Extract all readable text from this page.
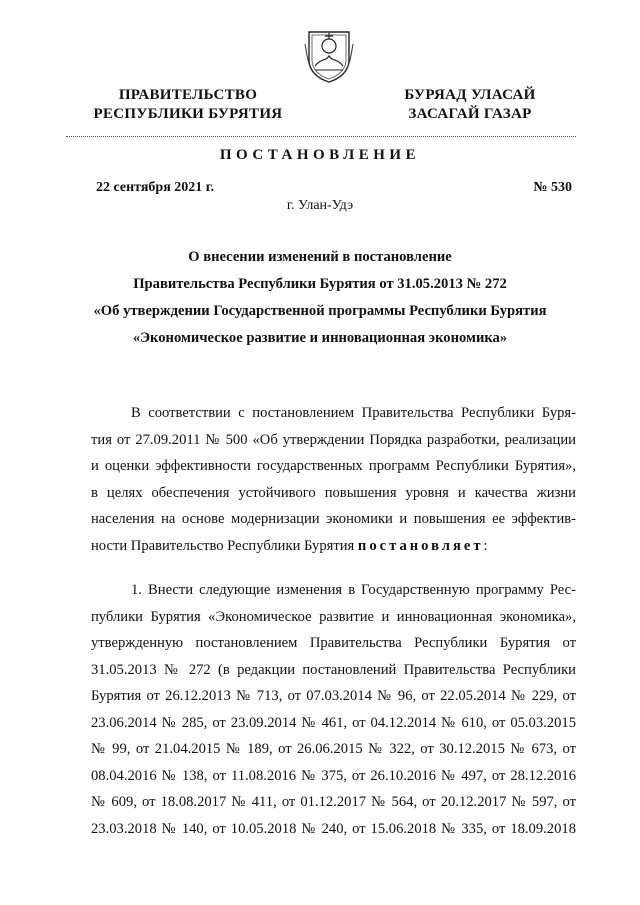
ПРАВИТЕЛЬСТВО
РЕСПУБЛИКИ БУРЯТИЯ
БУРЯАД УЛАСАЙ
ЗАСАГАЙ ГАЗАР
ПОСТАНОВЛЕНИЕ
22 сентября 2021 г.	№ 530
г. Улан-Удэ
О внесении изменений в постановление
Правительства Республики Бурятия от 31.05.2013 № 272
«Об утверждении Государственной программы Республики Бурятия
«Экономическое развитие и инновационная экономика»
В соответствии с постановлением Правительства Республики Буря-
тия от 27.09.2011 № 500 «Об утверждении Порядка разработки, реализации
и оценки эффективности государственных программ Республики Бурятия»,
в целях обеспечения устойчивого повышения уровня и качества жизни
населения на основе модернизации экономики и повышения ее эффектив-
ности Правительство Республики Бурятия постановляет:
1. Внести следующие изменения в Государственную программу Рес-
публики Бурятия «Экономическое развитие и инновационная экономика»,
утвержденную постановлением Правительства Республики Бурятия от
31.05.2013 № 272 (в редакции постановлений Правительства Республики
Бурятия от 26.12.2013 № 713, от 07.03.2014 № 96, от 22.05.2014 № 229, от
23.06.2014 № 285, от 23.09.2014 № 461, от 04.12.2014 № 610, от 05.03.2015
№ 99, от 21.04.2015 № 189, от 26.06.2015 № 322, от 30.12.2015 № 673, от
08.04.2016 № 138, от 11.08.2016 № 375, от 26.10.2016 № 497, от 28.12.2016
№ 609, от 18.08.2017 № 411, от 01.12.2017 № 564, от 20.12.2017 № 597, от
23.03.2018 № 140, от 10.05.2018 № 240, от 15.06.2018 № 335, от 18.09.2018
